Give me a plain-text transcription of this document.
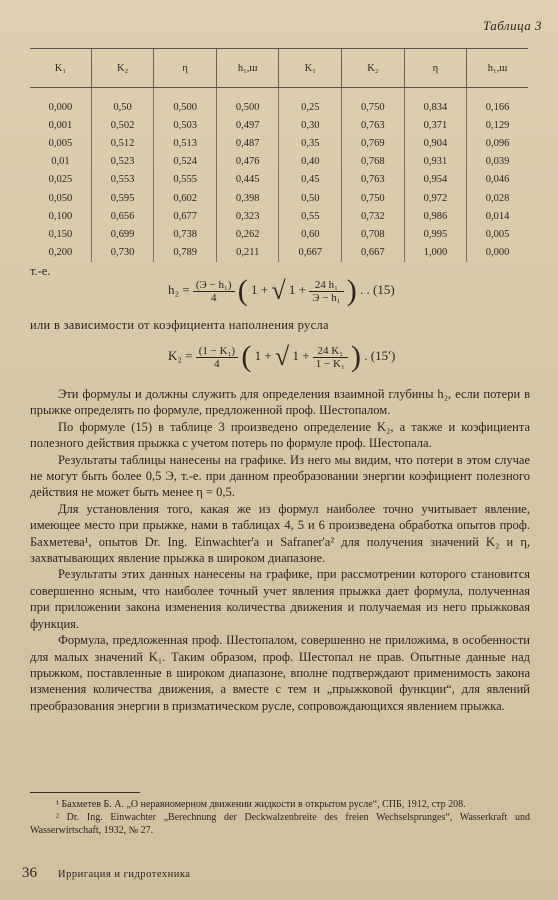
Таблица 3
K₁	K₂	η	h₁,ш	K₁	K₂	η	h₁,ш
0,000	0,50	0,500	0,500	0,25	0,750	0,834	0,166
0,001	0,502	0,503	0,497	0,30	0,763	0,371	0,129
0,005	0,512	0,513	0,487	0,35	0,769	0,904	0,096
0,01	0,523	0,524	0,476	0,40	0,768	0,931	0,039
0,025	0,553	0,555	0,445	0,45	0,763	0,954	0,046
0,050	0,595	0,602	0,398	0,50	0,750	0,972	0,028
0,100	0,656	0,677	0,323	0,55	0,732	0,986	0,014
0,150	0,699	0,738	0,262	0,60	0,708	0,995	0,005
0,200	0,730	0,789	0,211	0,667	0,667	1,000	0,000
т.-е.
$h_2 = \frac{\text{(Э − h₁)}}{4}$ ( 1 + √ $1 + \frac{\text{24 h₁}}{\text{Э − h₁}}$ ) . . (15)
или в зависимости от коэфициента наполнения русла
$K_2 = \frac{\text{(1 − K₁)}}{4}$ ( 1 + √ $1 + \frac{\text{24 K₁}}{\text{1 − K₁}}$ ) . (15′)

Эти формулы и должны служить для определения взаимной глубины h₂, если потери в прыжке определять по формуле, предложенной проф. Шестопалом.

По формуле (15) в таблице 3 произведено определение K₂, а также и коэфициента полезного действия прыжка с учетом потерь по формуле проф. Шестопала.

Результаты таблицы нанесены на графике. Из него мы видим, что потери в этом случае не могут быть более 0,5 Э, т.-е. при данном преобразовании энергии коэфициент полезного действия не может быть менее η = 0,5.

Для установления того, какая же из формул наиболее точно учитывает явление, имеющее место при прыжке, нами в таблицах 4, 5 и 6 произведена обработка опытов проф. Бахметева¹, опытов Dr. Ing. Einwachter'a и Safraner'a² для получения значений K₂ и η, захватывающих явление прыжка в широком диапазоне.

Результаты этих данных нанесены на графике, при рассмотрении которого становится совершенно ясным, что наиболее точный учет явления прыжка дает формула, полученная при приложении закона изменения количества движения и получаемая из него прыжковая функция.

Формула, предложенная проф. Шестопалом, совершенно не приложима, в особенности для малых значений K₁. Таким образом, проф. Шестопал не прав. Опытные данные над прыжком, поставленные в широком диапазоне, вполне подтверждают применимость закона изменения количества движения, а вместе с тем и „прыжковой функции“, для явлений преобразования энергии в призматическом русле, сопровождающихся явлением прыжка.

¹ Бахметев Б. А. „О неравномерном движении жидкости в открытом русле“, СПБ, 1912, стр 208.

² Dr. Ing. Einwachter „Berechnung der Deckwalzenbreite des freien Wechselsprunges“, Wasserkraft und Wasserwirtschaft, 1932, № 27.

36 Ирригация и гидротехника
